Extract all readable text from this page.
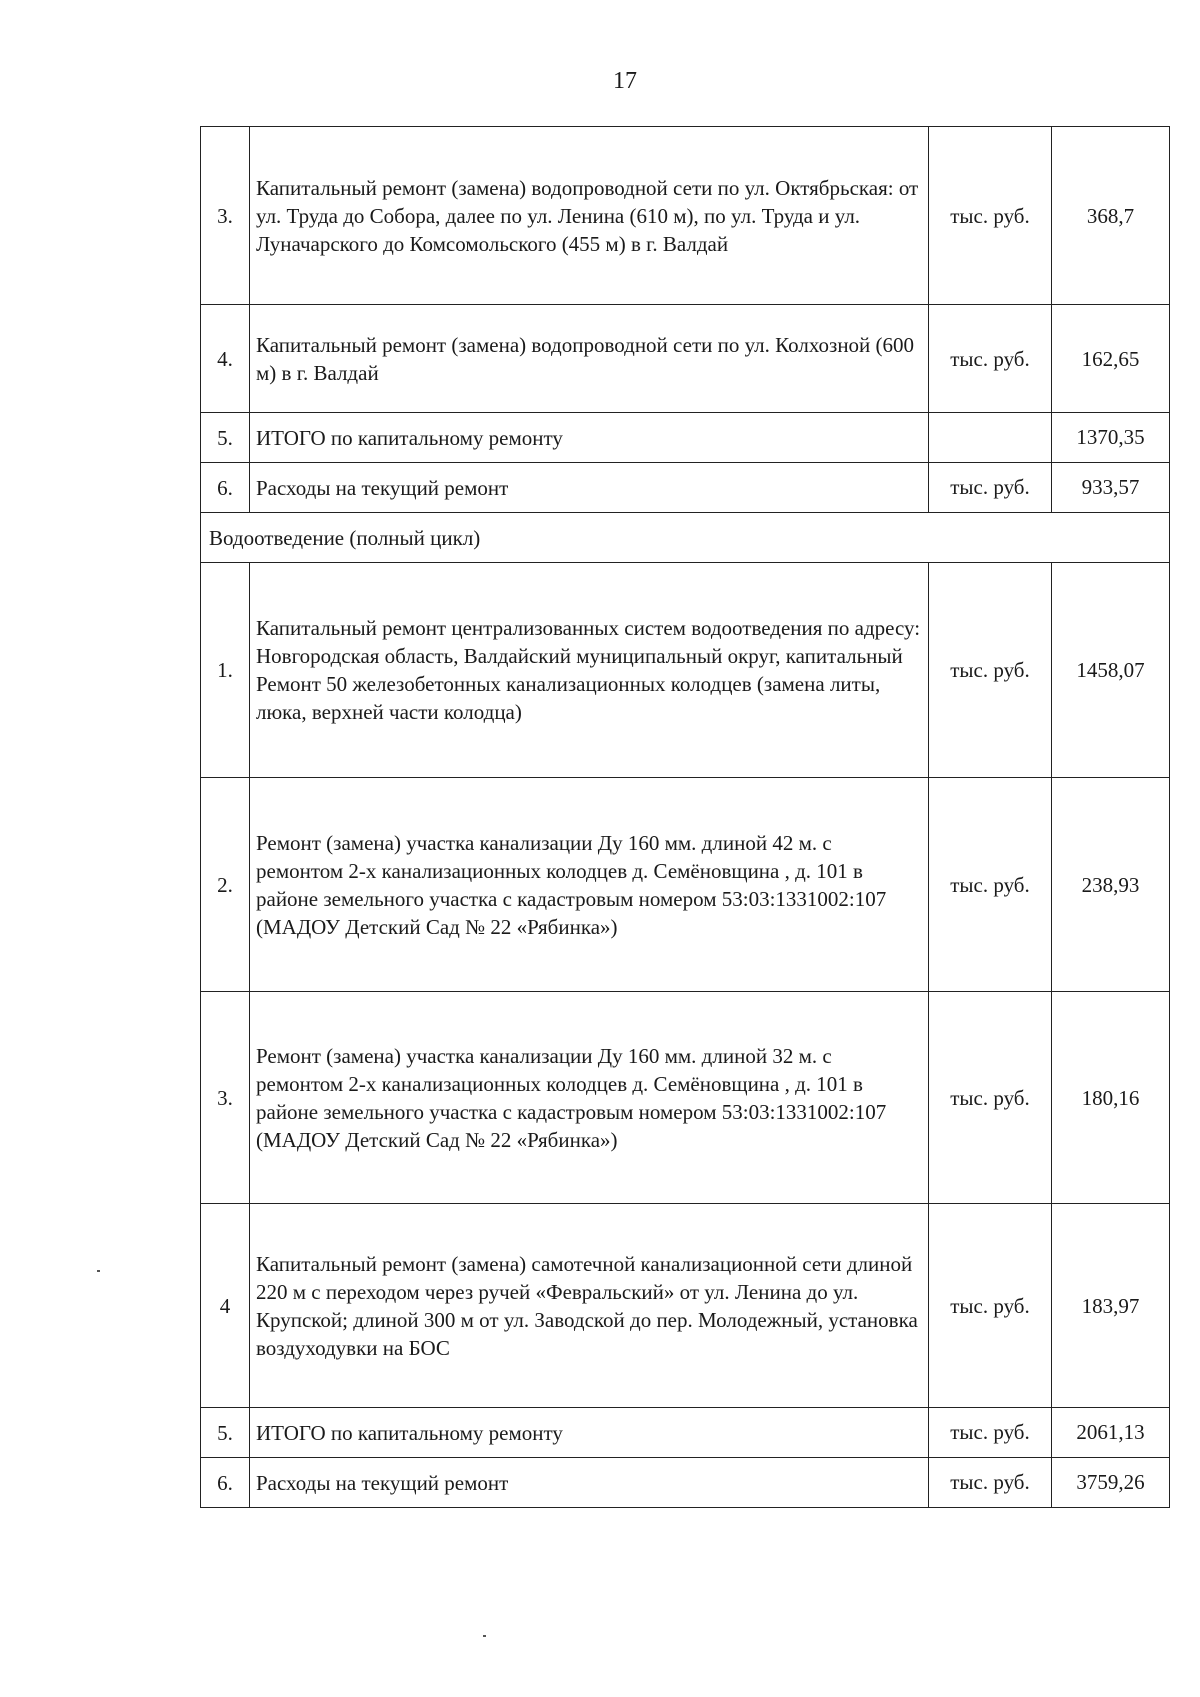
17
3.	Капитальный ремонт (замена) водопроводной сети по ул. Октябрьская: от ул. Труда до Собора, далее по ул. Ленина (610 м), по ул. Труда и ул. Луначарского до Комсомольского (455 м) в г. Валдай	тыс. руб.	368,7
4.	Капитальный ремонт (замена) водопроводной сети по ул. Колхозной (600 м) в г. Валдай	тыс. руб.	162,65
5.	ИТОГО по капитальному ремонту		1370,35
6.	Расходы на текущий ремонт	тыс. руб.	933,57
Водоотведение (полный цикл)			
1.	Капитальный ремонт централизованных систем водоотведения по адресу: Новгородская область, Валдайский муниципальный округ, капитальный Ремонт 50 железобетонных канализационных колодцев (замена литы, люка, верхней части колодца)	тыс. руб.	1458,07
2.	Ремонт (замена) участка канализации Ду 160 мм. длиной 42 м. с ремонтом 2-х канализационных колодцев д. Семёновщина , д. 101 в районе земельного участка с кадастровым номером 53:03:1331002:107 (МАДОУ Детский Сад № 22 «Рябинка»)	тыс. руб.	238,93
3.	Ремонт (замена) участка канализации Ду 160 мм. длиной 32 м. с ремонтом 2-х канализационных колодцев д. Семёновщина , д. 101 в районе земельного участка с кадастровым номером 53:03:1331002:107 (МАДОУ Детский Сад № 22 «Рябинка»)	тыс. руб.	180,16
4	Капитальный ремонт (замена) самотечной канализационной сети длиной 220 м с переходом через ручей «Февральский» от ул. Ленина до ул. Крупской; длиной 300 м от ул. Заводской до пер. Молодежный, установка воздуходувки на БОС	тыс. руб.	183,97
5.	ИТОГО по капитальному ремонту	тыс. руб.	2061,13
6.	Расходы на текущий ремонт	тыс. руб.	3759,26
